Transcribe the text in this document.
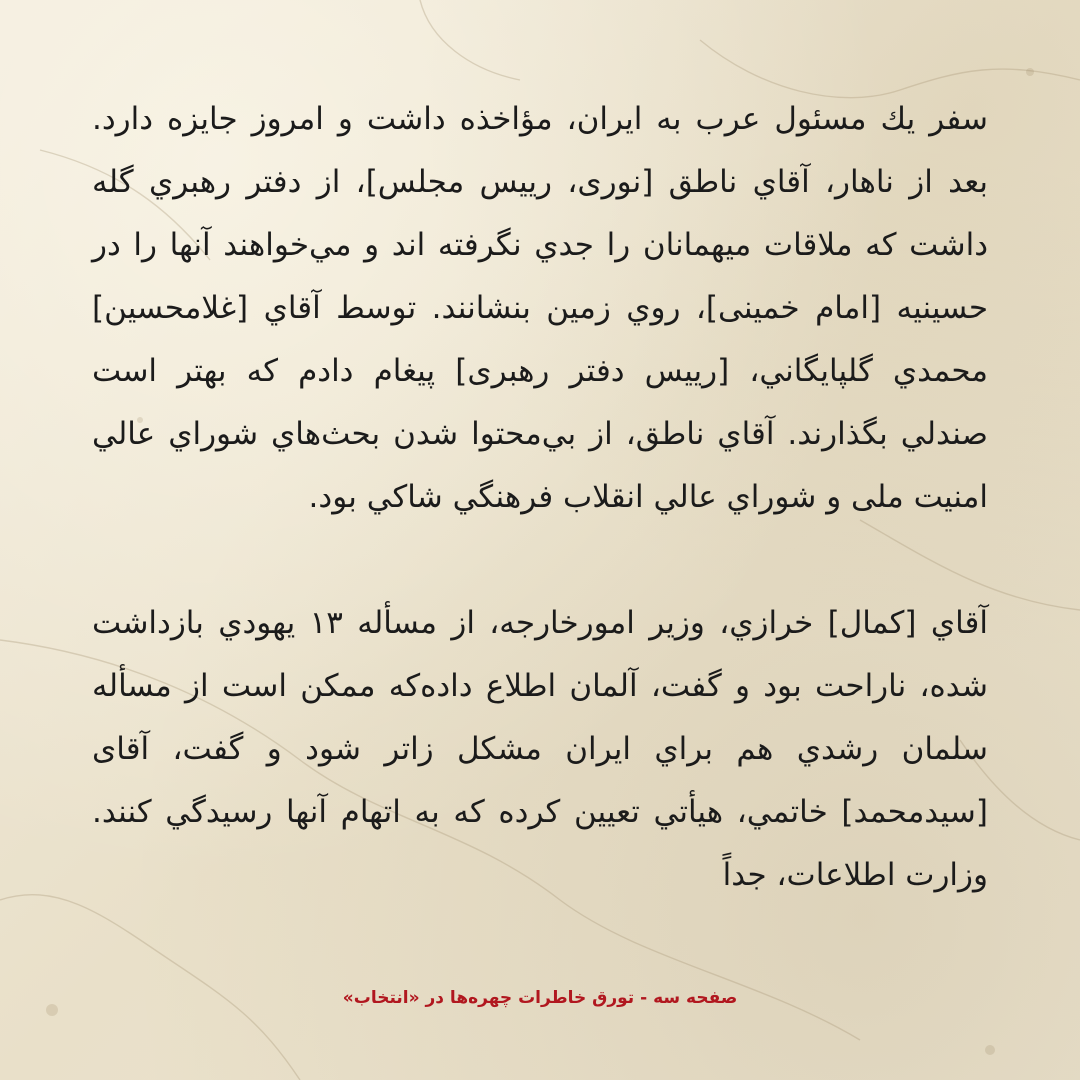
سفر يك مسئول عرب به ايران، مؤاخذه داشت و امروز جايزه دارد. بعد از ناهار، آقاي ناطق [نورى، رييس مجلس]، از دفتر رهبري گله داشت كه ملاقات ميهمانان را جدي نگرفته اند و مي‌خواهند آنها را در حسينيه [امام خمينى]، روي زمين بنشانند. توسط آقاي [غلامحسين] محمدي گلپايگاني، [رييس دفتر رهبرى] پيغام دادم كه بهتر است صندلي بگذارند. آقاي ناطق، از بي‌محتوا شدن بحث‌هاي شوراي عالي امنيت ملی و شوراي عالي انقلاب فرهنگي شاكي بود.

آقاي [كمال] خرازي، وزير امورخارجه، از مسأله ۱۳ يهودي بازداشت شده، ناراحت بود و گفت، آلمان اطلاع داده‌كه ممكن است از مسأله سلمان رشدي هم براي ايران مشكل زاتر شود و گفت، آقاى [سيدمحمد] خاتمي، هيأتي تعيين كرده كه به اتهام آنها رسيدگي كنند. وزارت اطلاعات، جداً

صفحه سه - تورق خاطرات چهره‌ها در «انتخاب»
